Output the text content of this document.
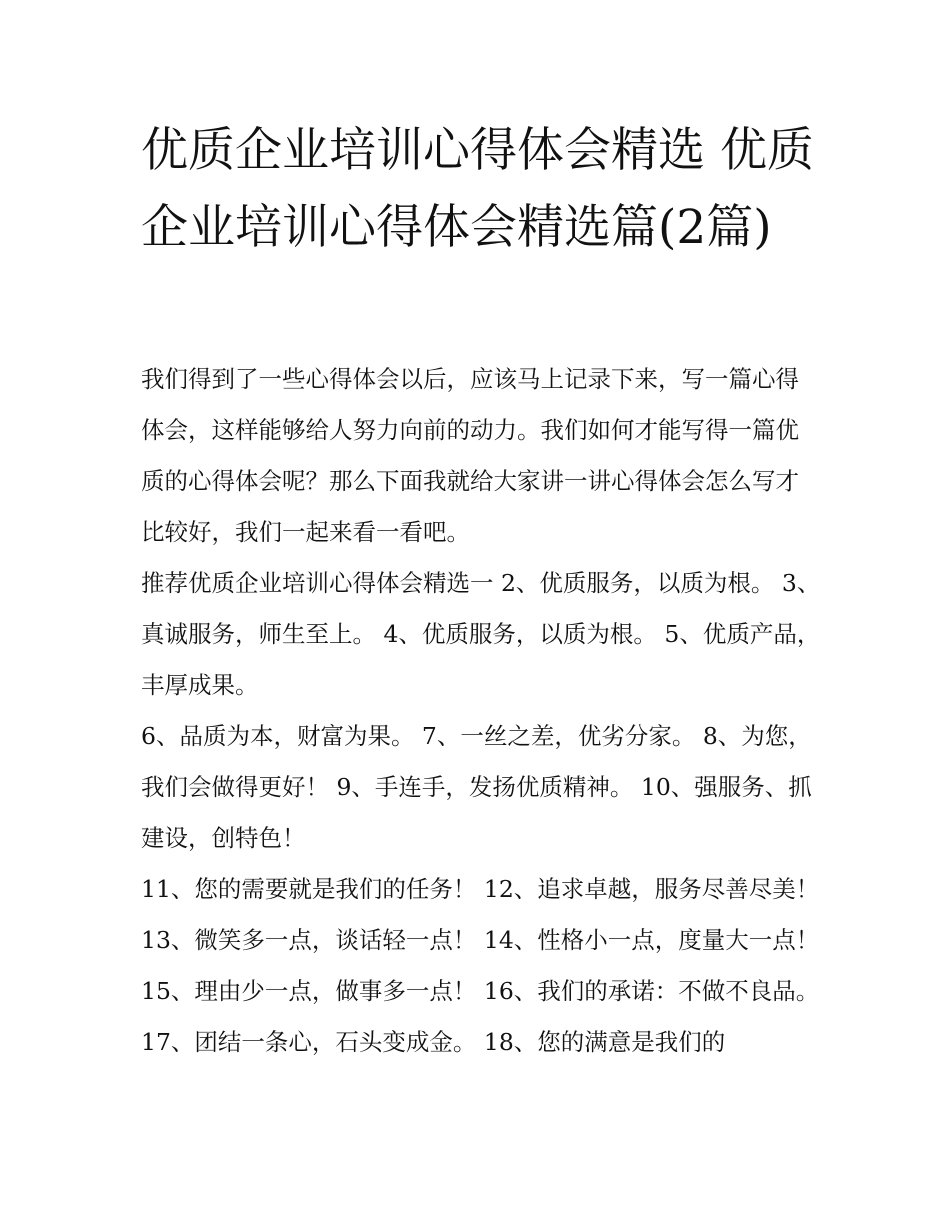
优质企业培训心得体会精选 优质企业培训心得体会精选篇(2篇)

我们得到了一些心得体会以后，应该马上记录下来，写一篇心得体会，这样能够给人努力向前的动力。我们如何才能写得一篇优质的心得体会呢？那么下面我就给大家讲一讲心得体会怎么写才比较好，我们一起来看一看吧。

推荐优质企业培训心得体会精选一 2、优质服务，以质为根。 3、真诚服务，师生至上。 4、优质服务，以质为根。 5、优质产品，丰厚成果。

6、品质为本，财富为果。 7、一丝之差，优劣分家。 8、为您，我们会做得更好！ 9、手连手，发扬优质精神。 10、强服务、抓建设，创特色！

11、您的需要就是我们的任务！ 12、追求卓越，服务尽善尽美！ 13、微笑多一点，谈话轻一点！ 14、性格小一点，度量大一点！

15、理由少一点，做事多一点！ 16、我们的承诺：不做不良品。 17、团结一条心，石头变成金。 18、您的满意是我们的
